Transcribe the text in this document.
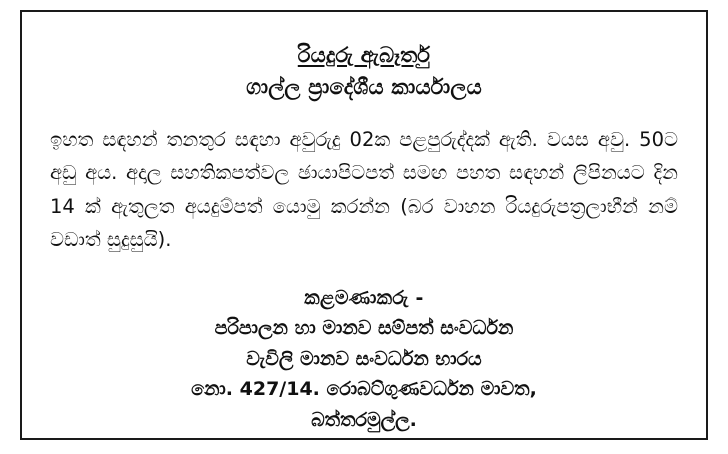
රියදුරු ඇබෑර්තු
ගාල්ල ප්‍රාදේශීය කාර්යාලය

ඉහත සඳහන් තනතුර සඳහා අවුරුදු 02ක පළපුරුද්දක් ඇති. වයස අවු. 50ට අඩු අය. අදාල සහතිකපත්වල ඡායාපිටපත් සමඟ පහත සඳහන් ලිපිනයට දින 14 ක් ඇතුලත අයදුම්පත් යොමු කරන්න (බර වාහන රියදුරුපත්‍රලාභීන් නම් වඩාත් සුදුසුයි).

කළමණාකරු -
පරිපාලන හා මානව සම්පත් සංවර්ධන
වැවිලි මානව සංවර්ධන භාරය
නො. 427/14. රොබට්ගුණවර්ධන මාවත,
බත්තරමුල්ල.
